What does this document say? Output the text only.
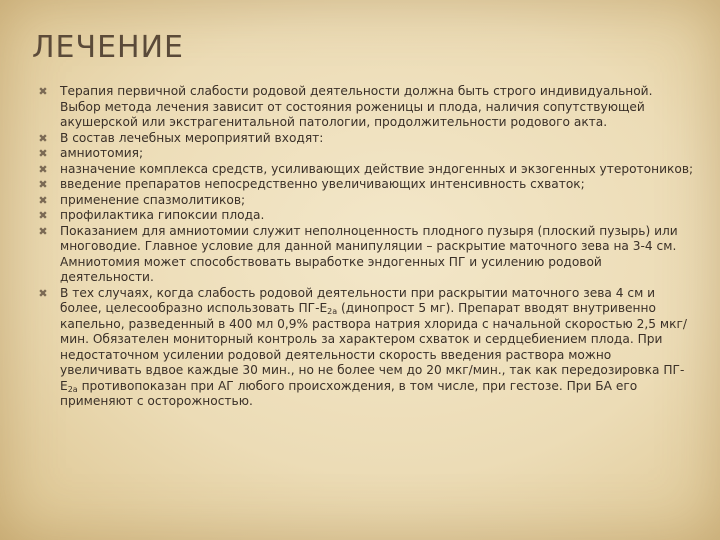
ЛЕЧЕНИЕ

✖ Терапия первичной слабости родовой деятельности должна быть строго индивидуальной. Выбор метода лечения зависит от состояния роженицы и плода, наличия сопутствующей акушерской или экстрагенитальной патологии, продолжительности родового акта.

✖ В состав лечебных мероприятий входят:

✖ амниотомия;

✖ назначение комплекса средств, усиливающих действие эндогенных и экзогенных утеротоников;

✖ введение препаратов непосредственно увеличивающих интенсивность схваток;

✖ применение спазмолитиков;

✖ профилактика гипоксии плода.

✖ Показанием для амниотомии служит неполноценность плодного пузыря (плоский пузырь) или многоводие. Главное условие для данной манипуляции – раскрытие маточного зева на 3-4 см. Амниотомия может способствовать выработке эндогенных ПГ и усилению родовой деятельности.

✖ В тех случаях, когда слабость родовой деятельности при раскрытии маточного зева 4 см и более, целесообразно использовать $ПГ-Е_{2a}$ (динопрост 5 мг). Препарат вводят внутривенно капельно, разведенный в 400 мл 0,9% раствора натрия хлорида с начальной скоростью 2,5 мкг/мин. Обязателен мониторный контроль за характером схваток и сердцебиением плода. При недостаточном усилении родовой деятельности скорость введения раствора можно увеличивать вдвое каждые 30 мин., но не более чем до 20 мкг/мин., так как передозировка $ПГ-Е_{2a}$ противопоказан при АГ любого происхождения, в том числе, при гестозе. При БА его применяют с осторожностью.
